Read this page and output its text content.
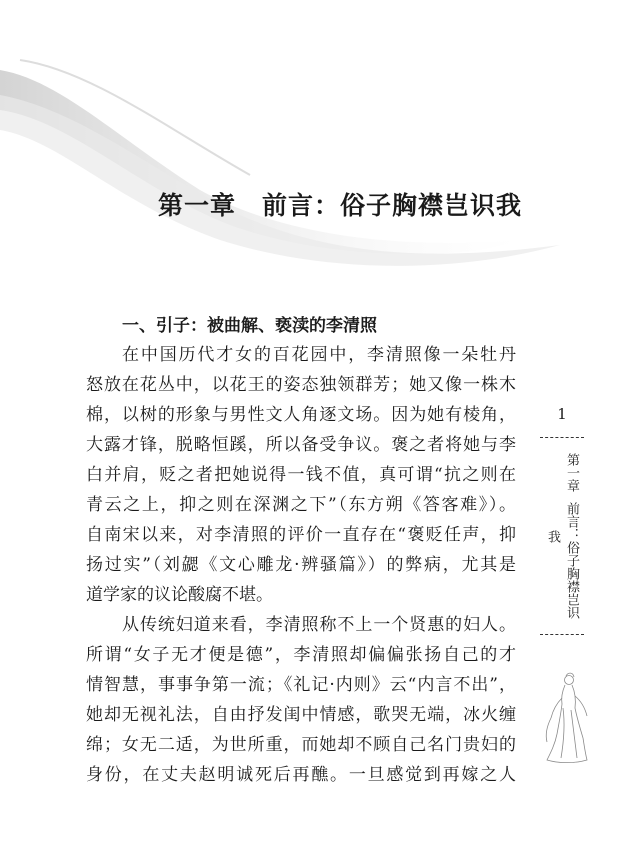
第一章 前言：俗子胸襟岂识我
一、引子：被曲解、亵渎的李清照
在中国历代才女的百花园中，李清照像一朵牡丹
怒放在花丛中，以花王的姿态独领群芳；她又像一株木
棉，以树的形象与男性文人角逐文场。因为她有棱角，
大露才锋，脱略恒蹊，所以备受争议。褒之者将她与李
白并肩，贬之者把她说得一钱不值，真可谓“抗之则在
青云之上，抑之则在深渊之下”（东方朔《答客难》）。
自南宋以来，对李清照的评价一直存在“褒贬任声，抑
扬过实”（刘勰《文心雕龙·辨骚篇》）的弊病，尤其是
道学家的议论酸腐不堪。
从传统妇道来看，李清照称不上一个贤惠的妇人。
所谓“女子无才便是德”，李清照却偏偏张扬自己的才
情智慧，事事争第一流；《礼记·内则》云“内言不出”，
她却无视礼法，自由抒发闺中情感，歌哭无端，冰火缠
绵；女无二适，为世所重，而她却不顾自己名门贵妇的
身份，在丈夫赵明诚死后再醮。一旦感觉到再嫁之人
1
第一章前言：俗子胸襟岂识我
